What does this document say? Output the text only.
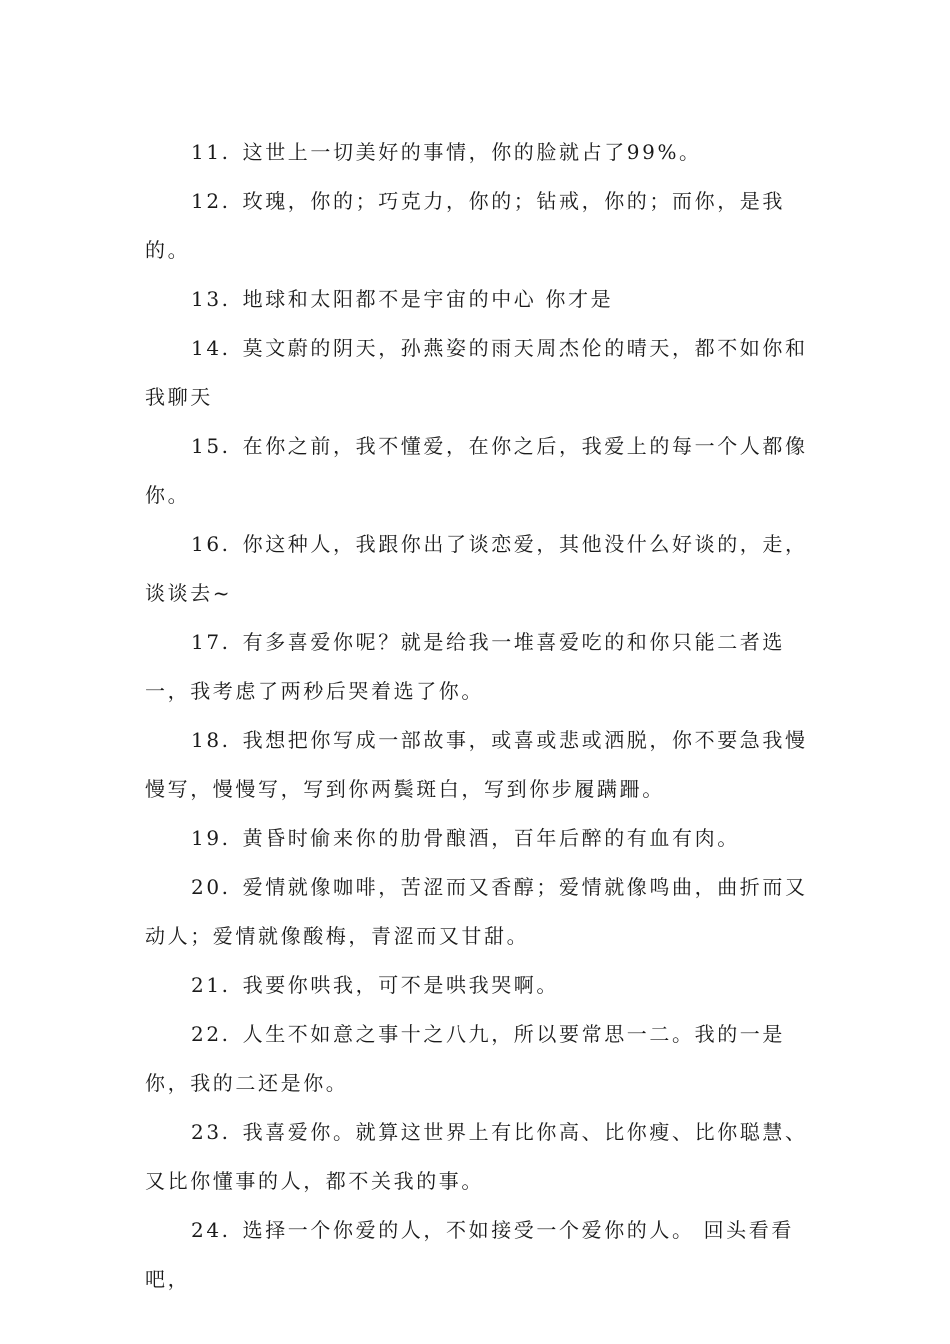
11. 这世上一切美好的事情，你的脸就占了99%。

12. 玫瑰，你的；巧克力，你的；钻戒，你的；而你，是我的。

13. 地球和太阳都不是宇宙的中心 你才是

14. 莫文蔚的阴天，孙燕姿的雨天周杰伦的晴天，都不如你和我聊天

15. 在你之前，我不懂爱，在你之后，我爱上的每一个人都像你。

16. 你这种人，我跟你出了谈恋爱，其他没什么好谈的，走，谈谈去~

17. 有多喜爱你呢？就是给我一堆喜爱吃的和你只能二者选一，我考虑了两秒后哭着选了你。

18. 我想把你写成一部故事，或喜或悲或洒脱，你不要急我慢慢写，慢慢写，写到你两鬓斑白，写到你步履蹒跚。

19. 黄昏时偷来你的肋骨酿酒，百年后醉的有血有肉。

20. 爱情就像咖啡，苦涩而又香醇；爱情就像鸣曲，曲折而又动人；爱情就像酸梅，青涩而又甘甜。

21. 我要你哄我，可不是哄我哭啊。

22. 人生不如意之事十之八九，所以要常思一二。我的一是你，我的二还是你。

23. 我喜爱你。就算这世界上有比你高、比你瘦、比你聪慧、又比你懂事的人，都不关我的事。

24. 选择一个你爱的人，不如接受一个爱你的人。 回头看看吧，
